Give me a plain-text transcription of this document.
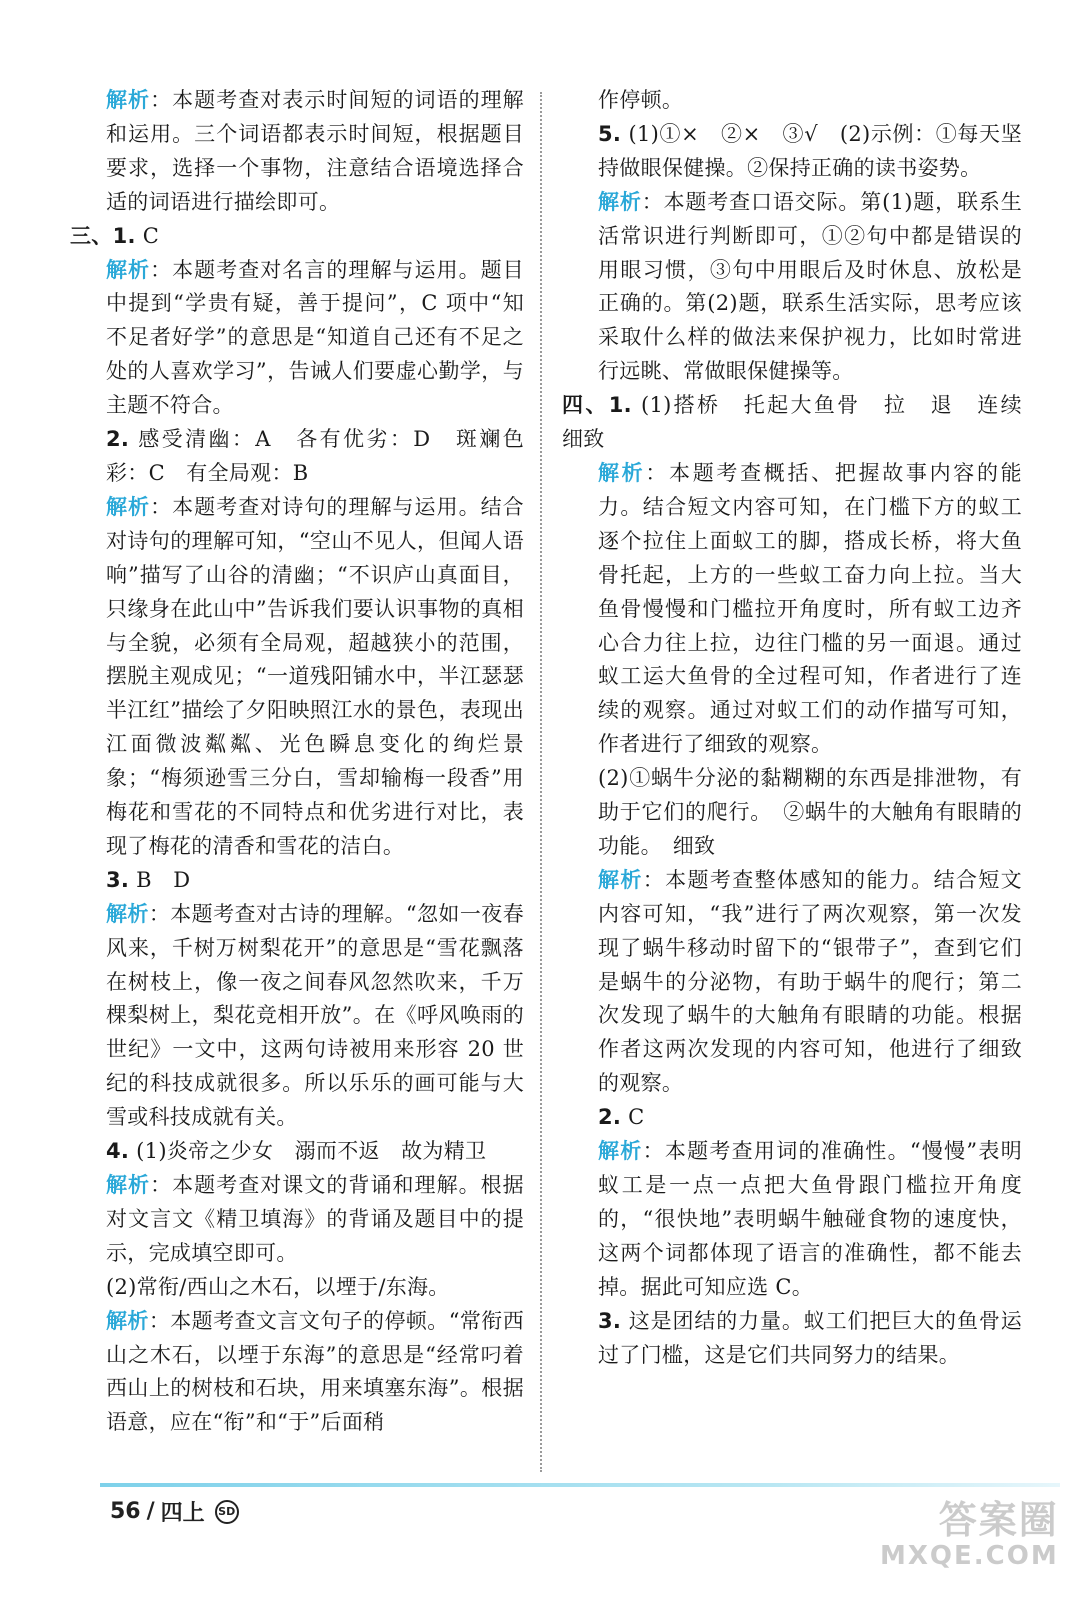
解析：本题考查对表示时间短的词语的理解和运用。三个词语都表示时间短，根据题目要求，选择一个事物，注意结合语境选择合适的词语进行描绘即可。

三、1. C

解析：本题考查对名言的理解与运用。题目中提到“学贵有疑，善于提问”，C 项中“知不足者好学”的意思是“知道自己还有不足之处的人喜欢学习”，告诫人们要虚心勤学，与主题不符合。

2. 感受清幽：A　各有优劣：D　斑斓色彩：C　有全局观：B

解析：本题考查对诗句的理解与运用。结合对诗句的理解可知，“空山不见人，但闻人语响”描写了山谷的清幽；“不识庐山真面目，只缘身在此山中”告诉我们要认识事物的真相与全貌，必须有全局观，超越狭小的范围，摆脱主观成见；“一道残阳铺水中，半江瑟瑟半江红”描绘了夕阳映照江水的景色，表现出江面微波粼粼、光色瞬息变化的绚烂景象；“梅须逊雪三分白，雪却输梅一段香”用梅花和雪花的不同特点和优劣进行对比，表现了梅花的清香和雪花的洁白。

3. B　D

解析：本题考查对古诗的理解。“忽如一夜春风来，千树万树梨花开”的意思是“雪花飘落在树枝上，像一夜之间春风忽然吹来，千万棵梨树上，梨花竞相开放”。在《呼风唤雨的世纪》一文中，这两句诗被用来形容 20 世纪的科技成就很多。所以乐乐的画可能与大雪或科技成就有关。

4. (1)炎帝之少女　溺而不返　故为精卫

解析：本题考查对课文的背诵和理解。根据对文言文《精卫填海》的背诵及题目中的提示，完成填空即可。

(2)常衔/西山之木石，以堙于/东海。

解析：本题考查文言文句子的停顿。“常衔西山之木石，以堙于东海”的意思是“经常叼着西山上的树枝和石块，用来填塞东海”。根据语意，应在“衔”和“于”后面稍

作停顿。

5. (1)①×　②×　③√　(2)示例：①每天坚持做眼保健操。②保持正确的读书姿势。

解析：本题考查口语交际。第(1)题，联系生活常识进行判断即可，①②句中都是错误的用眼习惯，③句中用眼后及时休息、放松是正确的。第(2)题，联系生活实际，思考应该采取什么样的做法来保护视力，比如时常进行远眺、常做眼保健操等。

四、1. (1)搭桥　托起大鱼骨　拉　退　连续　细致

解析：本题考查概括、把握故事内容的能力。结合短文内容可知，在门槛下方的蚁工逐个拉住上面蚁工的脚，搭成长桥，将大鱼骨托起，上方的一些蚁工奋力向上拉。当大鱼骨慢慢和门槛拉开角度时，所有蚁工边齐心合力往上拉，边往门槛的另一面退。通过蚁工运大鱼骨的全过程可知，作者进行了连续的观察。通过对蚁工们的动作描写可知，作者进行了细致的观察。

(2)①蜗牛分泌的黏糊糊的东西是排泄物，有助于它们的爬行。　②蜗牛的大触角有眼睛的功能。　细致

解析：本题考查整体感知的能力。结合短文内容可知，“我”进行了两次观察，第一次发现了蜗牛移动时留下的“银带子”，查到它们是蜗牛的分泌物，有助于蜗牛的爬行；第二次发现了蜗牛的大触角有眼睛的功能。根据作者这两次发现的内容可知，他进行了细致的观察。

2. C

解析：本题考查用词的准确性。“慢慢”表明蚁工是一点一点把大鱼骨跟门槛拉开角度的，“很快地”表明蜗牛触碰食物的速度快，这两个词都体现了语言的准确性，都不能去掉。据此可知应选 C。

3. 这是团结的力量。蚁工们把巨大的鱼骨运过了门槛，这是它们共同努力的结果。

56 / 四上	SD	答案圈
MXQE.COM
